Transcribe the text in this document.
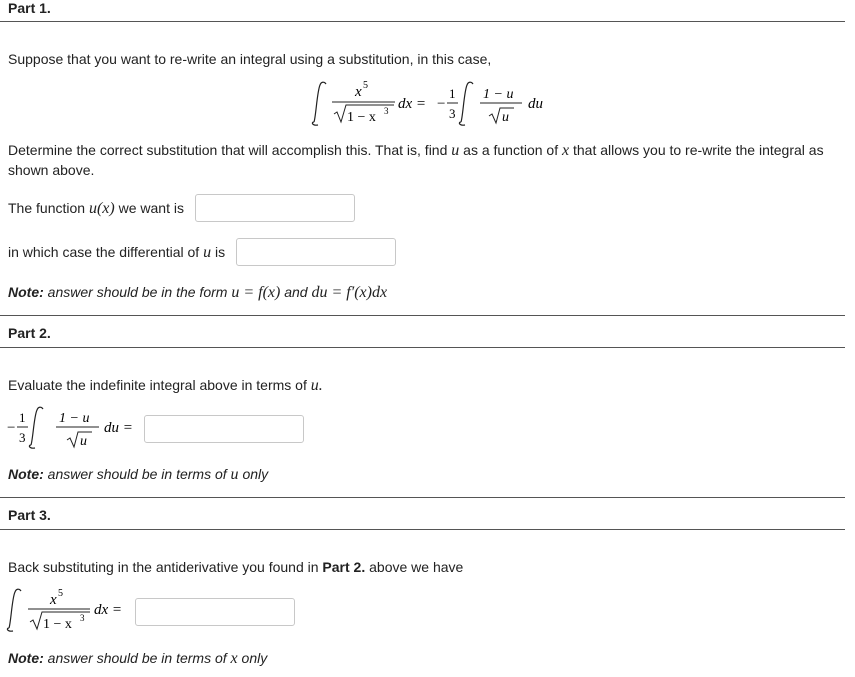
Part 1.
Suppose that you want to re-write an integral using a substitution, in this case,
x 5
1 − x 3 dx = −
1
3
1 − u
u
du
Determine the correct substitution that will accomplish this. That is, find u as a function of x that allows you to re-write the integral as
shown above.
The function u(x) we want is
in which case the differential of u is
Note: answer should be in the form u = f(x) and du = f′(x)dx
Part 2.
Evaluate the indefinite integral above in terms of u.
−
1
3
1 − u
u
du =
Note: answer should be in terms of u only
Part 3.
Back substituting in the antiderivative you found in Part 2. above we have
x 5
1 − x 3 dx =
Note: answer should be in terms of x only
